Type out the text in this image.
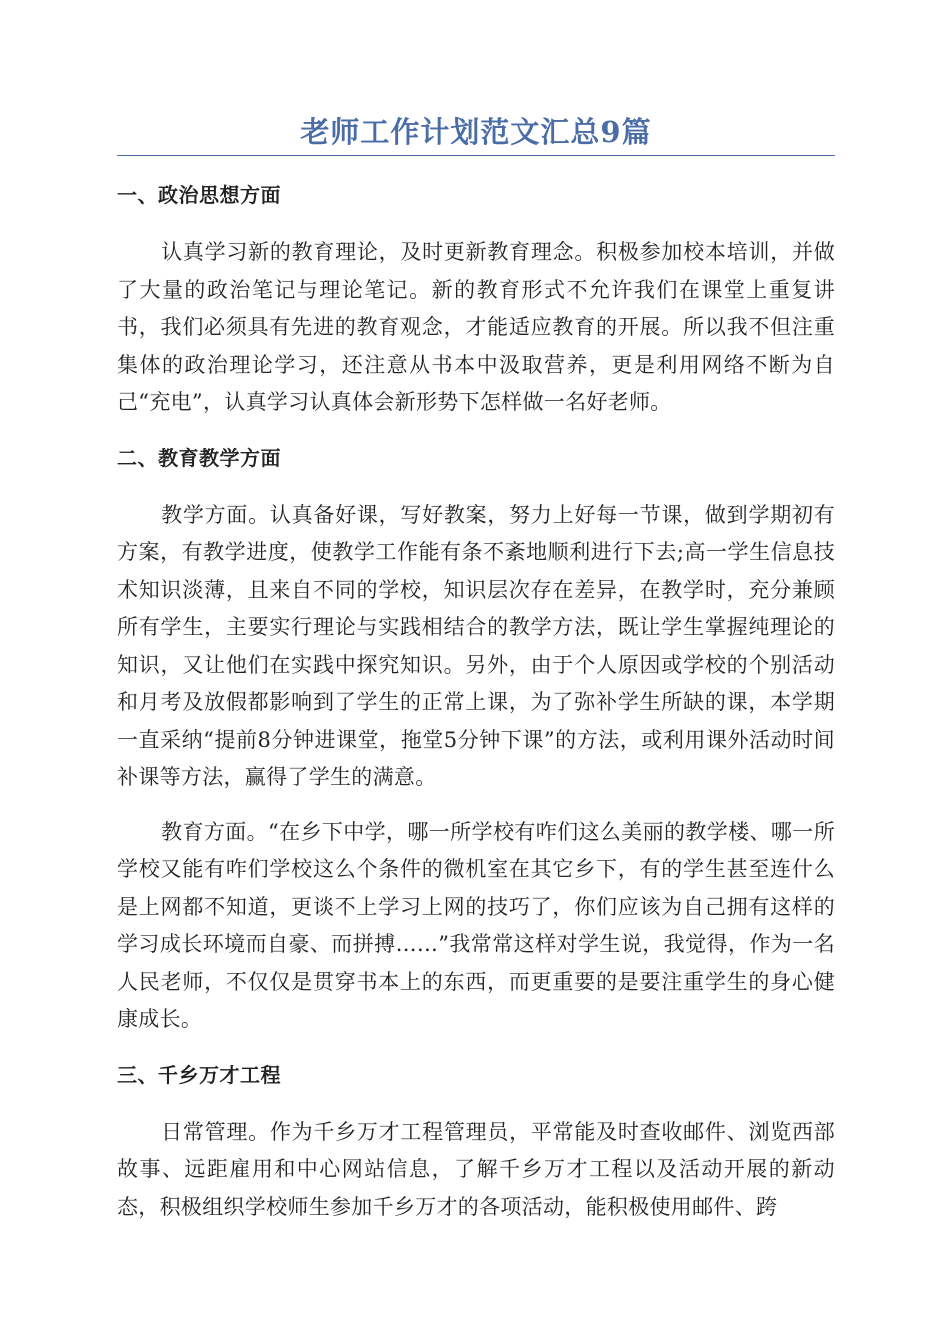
老师工作计划范文汇总9篇
一、政治思想方面

认真学习新的教育理论，及时更新教育理念。积极参加校本培训，并做了大量的政治笔记与理论笔记。新的教育形式不允许我们在课堂上重复讲书，我们必须具有先进的教育观念，才能适应教育的开展。所以我不但注重集体的政治理论学习，还注意从书本中汲取营养，更是利用网络不断为自己“充电”，认真学习认真体会新形势下怎样做一名好老师。

二、教育教学方面

教学方面。认真备好课，写好教案，努力上好每一节课，做到学期初有方案，有教学进度，使教学工作能有条不紊地顺利进行下去;高一学生信息技术知识淡薄，且来自不同的学校，知识层次存在差异，在教学时，充分兼顾所有学生，主要实行理论与实践相结合的教学方法，既让学生掌握纯理论的知识，又让他们在实践中探究知识。另外，由于个人原因或学校的个别活动和月考及放假都影响到了学生的正常上课，为了弥补学生所缺的课，本学期一直采纳“提前8分钟进课堂，拖堂5分钟下课”的方法，或利用课外活动时间补课等方法，赢得了学生的满意。

教育方面。“在乡下中学，哪一所学校有咋们这么美丽的教学楼、哪一所学校又能有咋们学校这么个条件的微机室在其它乡下，有的学生甚至连什么是上网都不知道，更谈不上学习上网的技巧了，你们应该为自己拥有这样的学习成长环境而自豪、而拼搏……”我常常这样对学生说，我觉得，作为一名人民老师，不仅仅是贯穿书本上的东西，而更重要的是要注重学生的身心健康成长。

三、千乡万才工程

日常管理。作为千乡万才工程管理员，平常能及时查收邮件、浏览西部故事、远距雇用和中心网站信息，了解千乡万才工程以及活动开展的新动态，积极组织学校师生参加千乡万才的各项活动，能积极使用邮件、跨
